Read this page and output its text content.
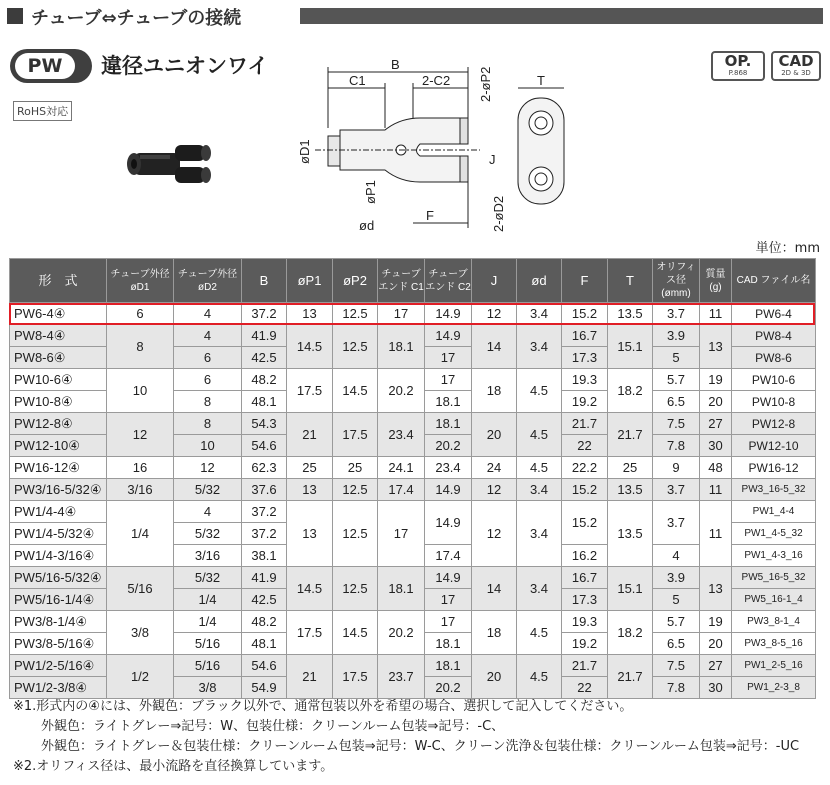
チューブ⇔チューブの接続
PW	違径ユニオンワイ
RoHS対応
OP.
P.868
CAD
2D & 3D
B
C1	2-C2	T
F
J
øD1
øP1
ød
2-øP2
2-øD2
単位：mm
形　式	チューブ外径 øD1	チューブ外径 øD2	B	øP1	øP2	チューブエンド C1	チューブエンド C2	J	ød	F	T	オリフィス径 (ømm)	質量 (g)	CAD ファイル名
PW6-4④	6	4	37.2	13	12.5	17	14.9	12	3.4	15.2	13.5	3.7	11	PW6-4
PW8-4④	8	4	41.9	14.5	12.5	18.1	14.9	14	3.4	16.7	15.1	3.9	13	PW8-4
PW8-6④		6	42.5				17			17.3		5		PW8-6
PW10-6④	10	6	48.2	17.5	14.5	20.2	17	18	4.5	19.3	18.2	5.7	19	PW10-6
PW10-8④		8	48.1				18.1			19.2		6.5	20	PW10-8
PW12-8④	12	8	54.3	21	17.5	23.4	18.1	20	4.5	21.7	21.7	7.5	27	PW12-8
PW12-10④		10	54.6				20.2			22		7.8	30	PW12-10
PW16-12④	16	12	62.3	25	25	24.1	23.4	24	4.5	22.2	25	9	48	PW16-12
PW3/16-5/32④	3/16	5/32	37.6	13	12.5	17.4	14.9	12	3.4	15.2	13.5	3.7	11	PW3_16-5_32
PW1/4-4④	1/4	4	37.2	13	12.5	17	14.9	12	3.4	15.2	13.5	3.7	11	PW1_4-4
PW1/4-5/32④		5/32	37.2											PW1_4-5_32
PW1/4-3/16④		3/16	38.1				17.4			16.2		4		PW1_4-3_16
PW5/16-5/32④	5/16	5/32	41.9	14.5	12.5	18.1	14.9	14	3.4	16.7	15.1	3.9	13	PW5_16-5_32
PW5/16-1/4④		1/4	42.5				17			17.3		5		PW5_16-1_4
PW3/8-1/4④	3/8	1/4	48.2	17.5	14.5	20.2	17	18	4.5	19.3	18.2	5.7	19	PW3_8-1_4
PW3/8-5/16④		5/16	48.1				18.1			19.2		6.5	20	PW3_8-5_16
PW1/2-5/16④	1/2	5/16	54.6	21	17.5	23.7	18.1	20	4.5	21.7	21.7	7.5	27	PW1_2-5_16
PW1/2-3/8④		3/8	54.9				20.2			22		7.8	30	PW1_2-3_8
※1.形式内の④には、外観色：ブラック以外で、通常包装以外を希望の場合、選択して記入してください。
外観色：ライトグレー⇒記号：W、包装仕様：クリーンルーム包装⇒記号：-C、
外観色：ライトグレー＆包装仕様：クリーンルーム包装⇒記号：W-C、クリーン洗浄＆包装仕様：クリーンルーム包装⇒記号：-UC
※2.オリフィス径は、最小流路を直径換算しています。
